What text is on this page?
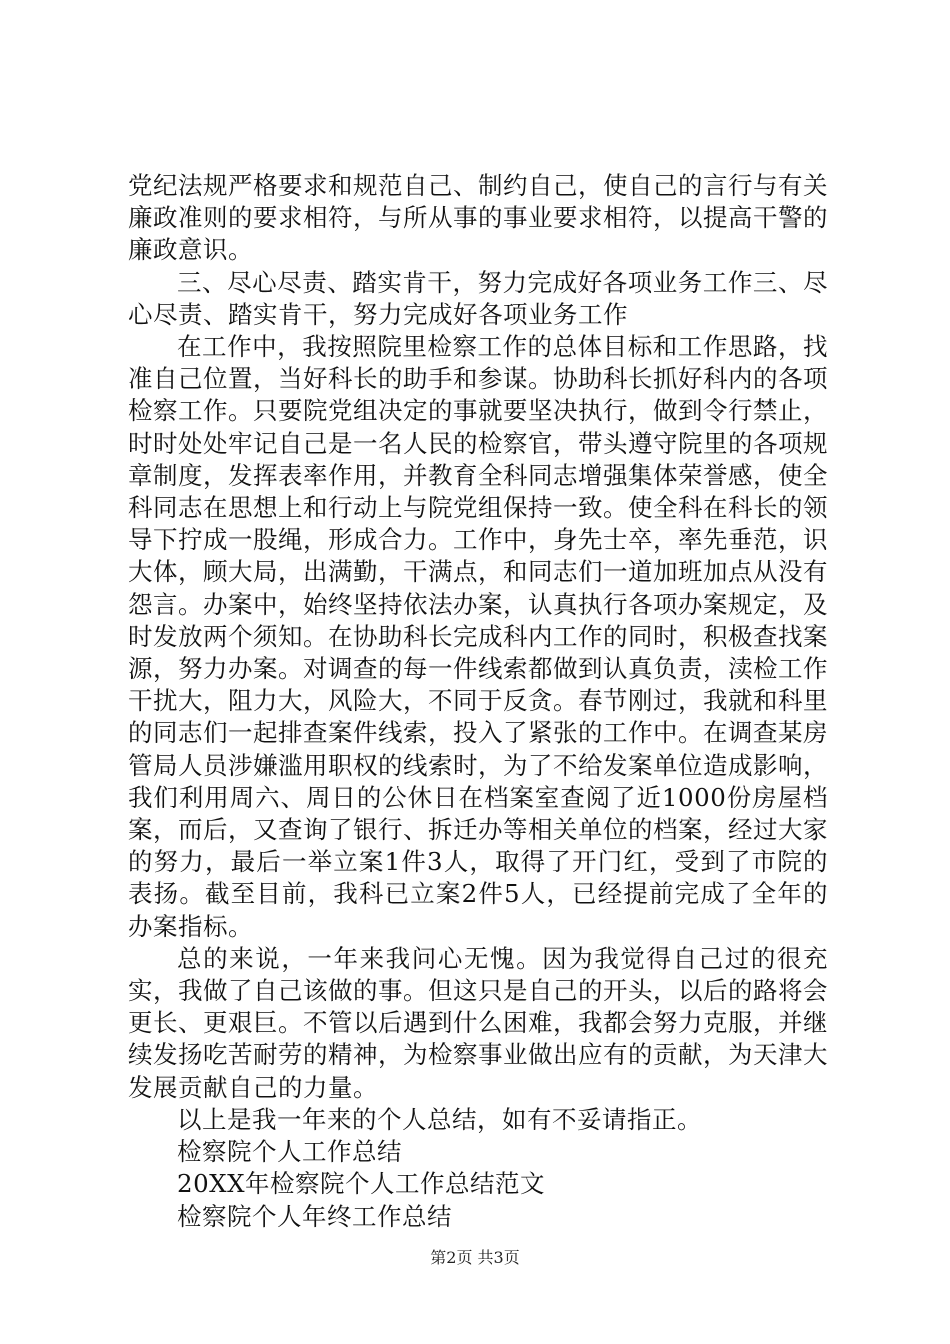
党纪法规严格要求和规范自己、制约自己，使自己的言行与有关廉政准则的要求相符，与所从事的事业要求相符，以提高干警的廉政意识。

三、尽心尽责、踏实肯干，努力完成好各项业务工作三、尽心尽责、踏实肯干，努力完成好各项业务工作

在工作中，我按照院里检察工作的总体目标和工作思路，找准自己位置，当好科长的助手和参谋。协助科长抓好科内的各项检察工作。只要院党组决定的事就要坚决执行，做到令行禁止，时时处处牢记自己是一名人民的检察官，带头遵守院里的各项规章制度，发挥表率作用，并教育全科同志增强集体荣誉感，使全科同志在思想上和行动上与院党组保持一致。使全科在科长的领导下拧成一股绳，形成合力。工作中，身先士卒，率先垂范，识大体，顾大局，出满勤，干满点，和同志们一道加班加点从没有怨言。办案中，始终坚持依法办案，认真执行各项办案规定，及时发放两个须知。在协助科长完成科内工作的同时，积极查找案源，努力办案。对调查的每一件线索都做到认真负责，渎检工作干扰大，阻力大，风险大，不同于反贪。春节刚过，我就和科里的同志们一起排查案件线索，投入了紧张的工作中。在调查某房管局人员涉嫌滥用职权的线索时，为了不给发案单位造成影响，我们利用周六、周日的公休日在档案室查阅了近1000份房屋档案，而后，又查询了银行、拆迁办等相关单位的档案，经过大家的努力，最后一举立案1件3人，取得了开门红，受到了市院的表扬。截至目前，我科已立案2件5人，已经提前完成了全年的办案指标。

总的来说，一年来我问心无愧。因为我觉得自己过的很充实，我做了自己该做的事。但这只是自己的开头，以后的路将会更长、更艰巨。不管以后遇到什么困难，我都会努力克服，并继续发扬吃苦耐劳的精神，为检察事业做出应有的贡献，为天津大发展贡献自己的力量。

以上是我一年来的个人总结，如有不妥请指正。

检察院个人工作总结

20XX年检察院个人工作总结范文

检察院个人年终工作总结

第2页 共3页
